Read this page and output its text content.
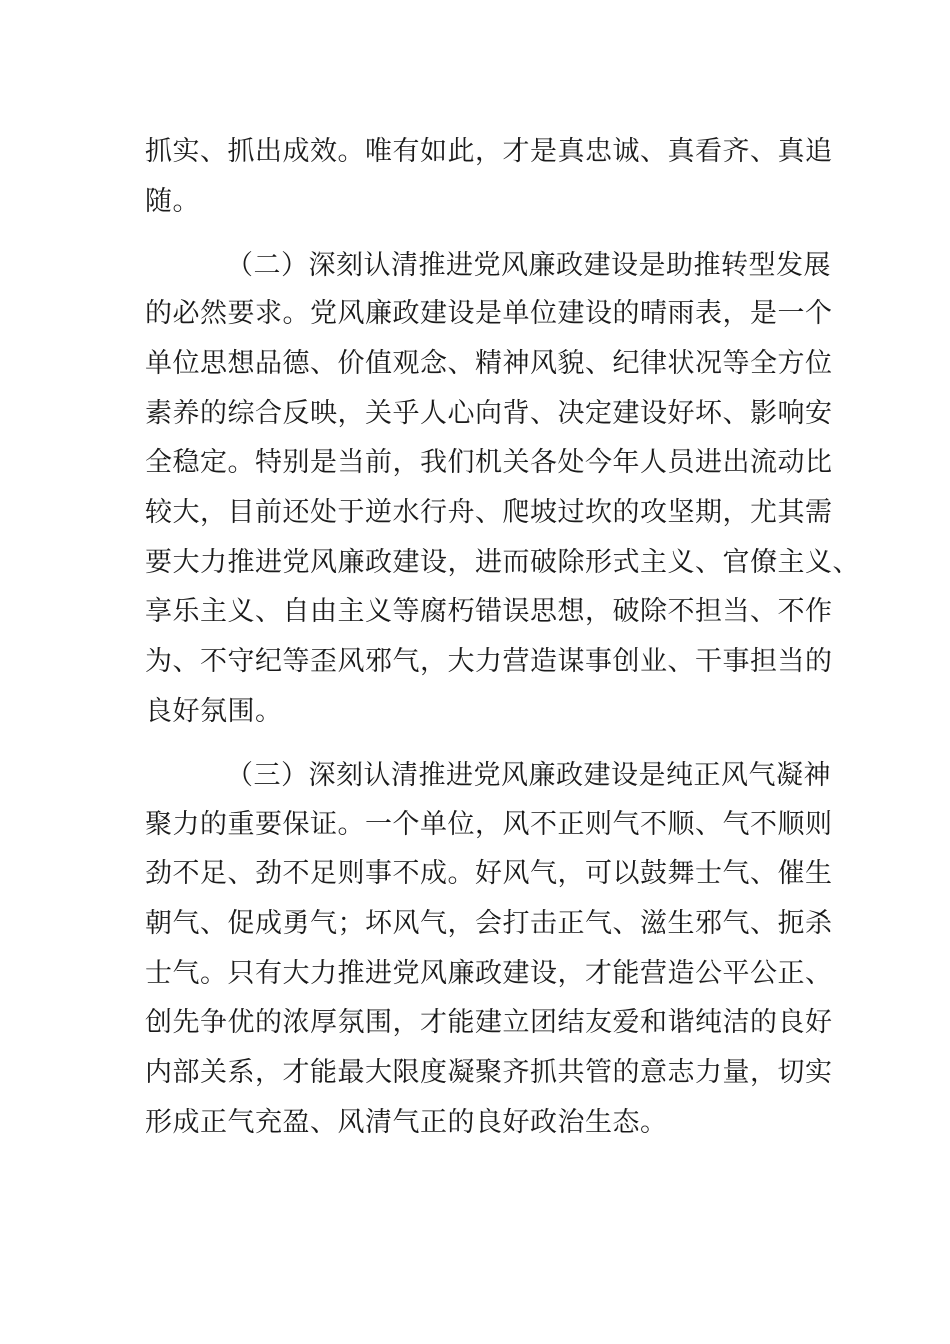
抓实、抓出成效。唯有如此，才是真忠诚、真看齐、真追

随。

（二）深刻认清推进党风廉政建设是助推转型发展

的必然要求。党风廉政建设是单位建设的晴雨表，是一个

单位思想品德、价值观念、精神风貌、纪律状况等全方位

素养的综合反映，关乎人心向背、决定建设好坏、影响安

全稳定。特别是当前，我们机关各处今年人员进出流动比

较大，目前还处于逆水行舟、爬坡过坎的攻坚期，尤其需

要大力推进党风廉政建设，进而破除形式主义、官僚主义、

享乐主义、自由主义等腐朽错误思想，破除不担当、不作

为、不守纪等歪风邪气，大力营造谋事创业、干事担当的

良好氛围。

（三）深刻认清推进党风廉政建设是纯正风气凝神

聚力的重要保证。一个单位，风不正则气不顺、气不顺则

劲不足、劲不足则事不成。好风气，可以鼓舞士气、催生

朝气、促成勇气；坏风气，会打击正气、滋生邪气、扼杀

士气。只有大力推进党风廉政建设，才能营造公平公正、

创先争优的浓厚氛围，才能建立团结友爱和谐纯洁的良好

内部关系，才能最大限度凝聚齐抓共管的意志力量，切实

形成正气充盈、风清气正的良好政治生态。
